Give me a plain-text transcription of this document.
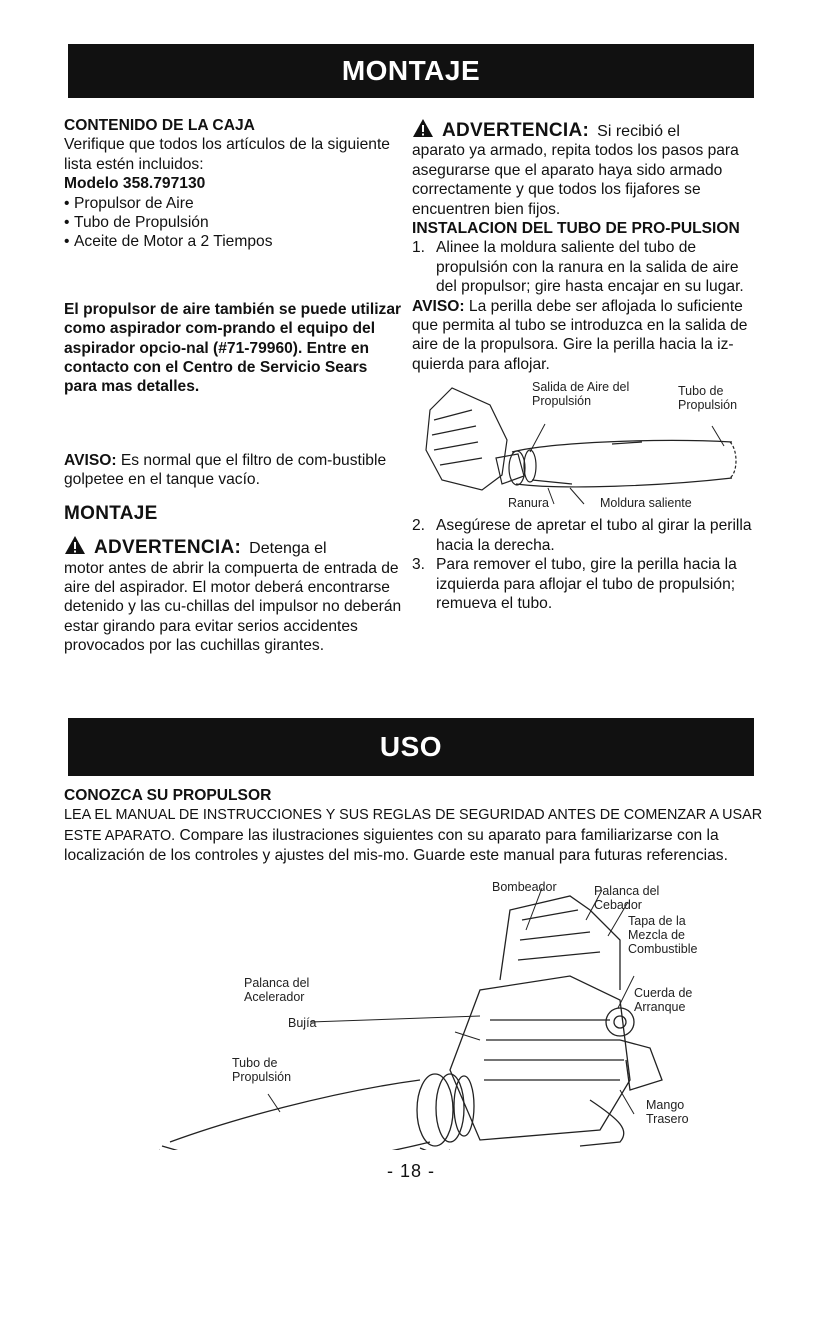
MONTAJE
USO

CONTENIDO DE LA CAJA

Verifique que todos los artículos de la siguiente lista estén incluidos:

Modelo 358.797130

• Propulsor de Aire
• Tubo de Propulsión
• Aceite de Motor a 2 Tiempos

El propulsor de aire también se puede utilizar como aspirador com-prando el equipo del aspirador opcio-nal (#71-79960). Entre en contacto con el Centro de Servicio Sears para mas detalles.

AVISO: Es normal que el filtro de com-bustible golpetee en el tanque vacío.

MONTAJE

ADVERTENCIA: Detenga el

motor antes de abrir la compuerta de entrada de aire del aspirador. El motor deberá encontrarse detenido y las cu-chillas del impulsor no deberán estar girando para evitar serios accidentes provocados por las cuchillas girantes.

ADVERTENCIA: Si recibió el

aparato ya armado, repita todos los pasos para asegurarse que el aparato haya sido armado correctamente y que todos los fijafores se encuentren bien fijos.

INSTALACION DEL TUBO DE PRO-PULSION

1. Alinee la moldura saliente del tubo de propulsión con la ranura en la salida de aire del propulsor; gire hasta encajar en su lugar.

AVISO: La perilla debe ser aflojada lo suficiente que permita al tubo se introduzca en la salida de aire de la propulsora. Gire la perilla hacia la iz-quierda para aflojar.

Salida de Aire del Propulsión
Tubo de Propulsión
Ranura	Moldura saliente
2. Asegúrese de apretar el tubo al girar la perilla hacia la derecha.
3. Para remover el tubo, gire la perilla hacia la izquierda para aflojar el tubo de propulsión; remueva el tubo.

CONOZCA SU PROPULSOR

LEA EL MANUAL DE INSTRUCCIONES Y SUS REGLAS DE SEGURIDAD ANTES DE COMENZAR A USAR ESTE APARATO. Compare las ilustraciones siguientes con su aparato para familiarizarse con la localización de los controles y ajustes del mis-mo. Guarde este manual para futuras referencias.

Bombeador	Palanca del Cebador
Tapa de la Mezcla de Combustible
Palanca del Acelerador	Cuerda de Arranque
Bujía
Tubo de Propulsión
Mango Trasero
- 18 -
